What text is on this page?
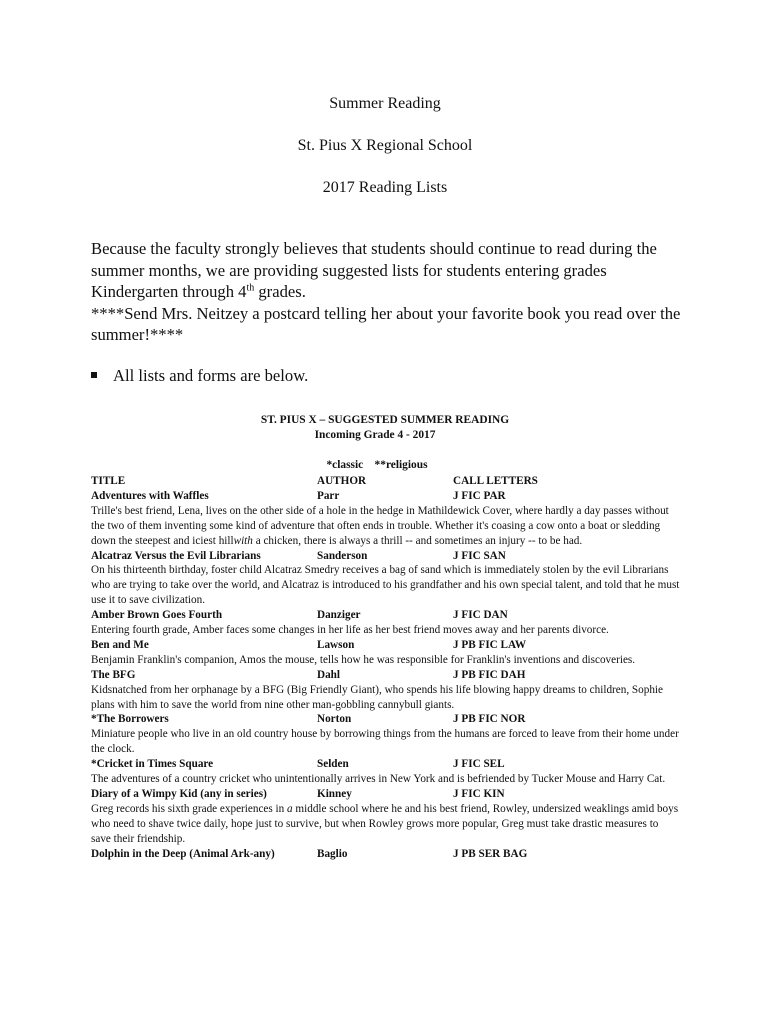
Summer Reading
St. Pius X Regional School
2017 Reading Lists
Because the faculty strongly believes that students should continue to read during the summer months, we are providing suggested lists for students entering grades Kindergarten through 4th grades.
****Send Mrs. Neitzey a postcard telling her about your favorite book you read over the summer!****
All lists and forms are below.
ST. PIUS X – SUGGESTED SUMMER READING
Incoming Grade 4 - 2017
*classic    **religious
TITLE	AUTHOR	CALL LETTERS
Adventures with Waffles	Parr	J FIC PAR
Trille's best friend, Lena, lives on the other side of a hole in the hedge in Mathildewick Cover, where hardly a day passes without the two of them inventing some kind of adventure that often ends in trouble. Whether it's coasing a cow onto a boat or sledding down the steepest and iciest hillwith a chicken, there is always a thrill -- and sometimes an injury -- to be had.
Alcatraz Versus the Evil Librarians	Sanderson	J FIC SAN
On his thirteenth birthday, foster child Alcatraz Smedry receives a bag of sand which is immediately stolen by the evil Librarians who are trying to take over the world, and Alcatraz is introduced to his grandfather and his own special talent, and told that he must use it to save civilization.
Amber Brown Goes Fourth	Danziger	J FIC DAN
Entering fourth grade, Amber faces some changes in her life as her best friend moves away and her parents divorce.
Ben and Me	Lawson	J PB FIC LAW
Benjamin Franklin's companion, Amos the mouse, tells how he was responsible for Franklin's inventions and discoveries.
The BFG	Dahl	J PB FIC DAH
Kidsnatched from her orphanage by a BFG (Big Friendly Giant), who spends his life blowing happy dreams to children, Sophie plans with him to save the world from nine other man-gobbling cannybull giants.
*The Borrowers	Norton	J PB FIC NOR
Miniature people who live in an old country house by borrowing things from the humans are forced to leave from their home under the clock.
*Cricket in Times Square	Selden	J FIC SEL
The adventures of a country cricket who unintentionally arrives in New York and is befriended by Tucker Mouse and Harry Cat.
Diary of a Wimpy Kid (any in series)	Kinney	J FIC KIN
Greg records his sixth grade experiences in a middle school where he and his best friend, Rowley, undersized weaklings amid boys who need to shave twice daily, hope just to survive, but when Rowley grows more popular, Greg must take drastic measures to save their friendship.
Dolphin in the Deep (Animal Ark-any)	Baglio	J PB SER BAG
